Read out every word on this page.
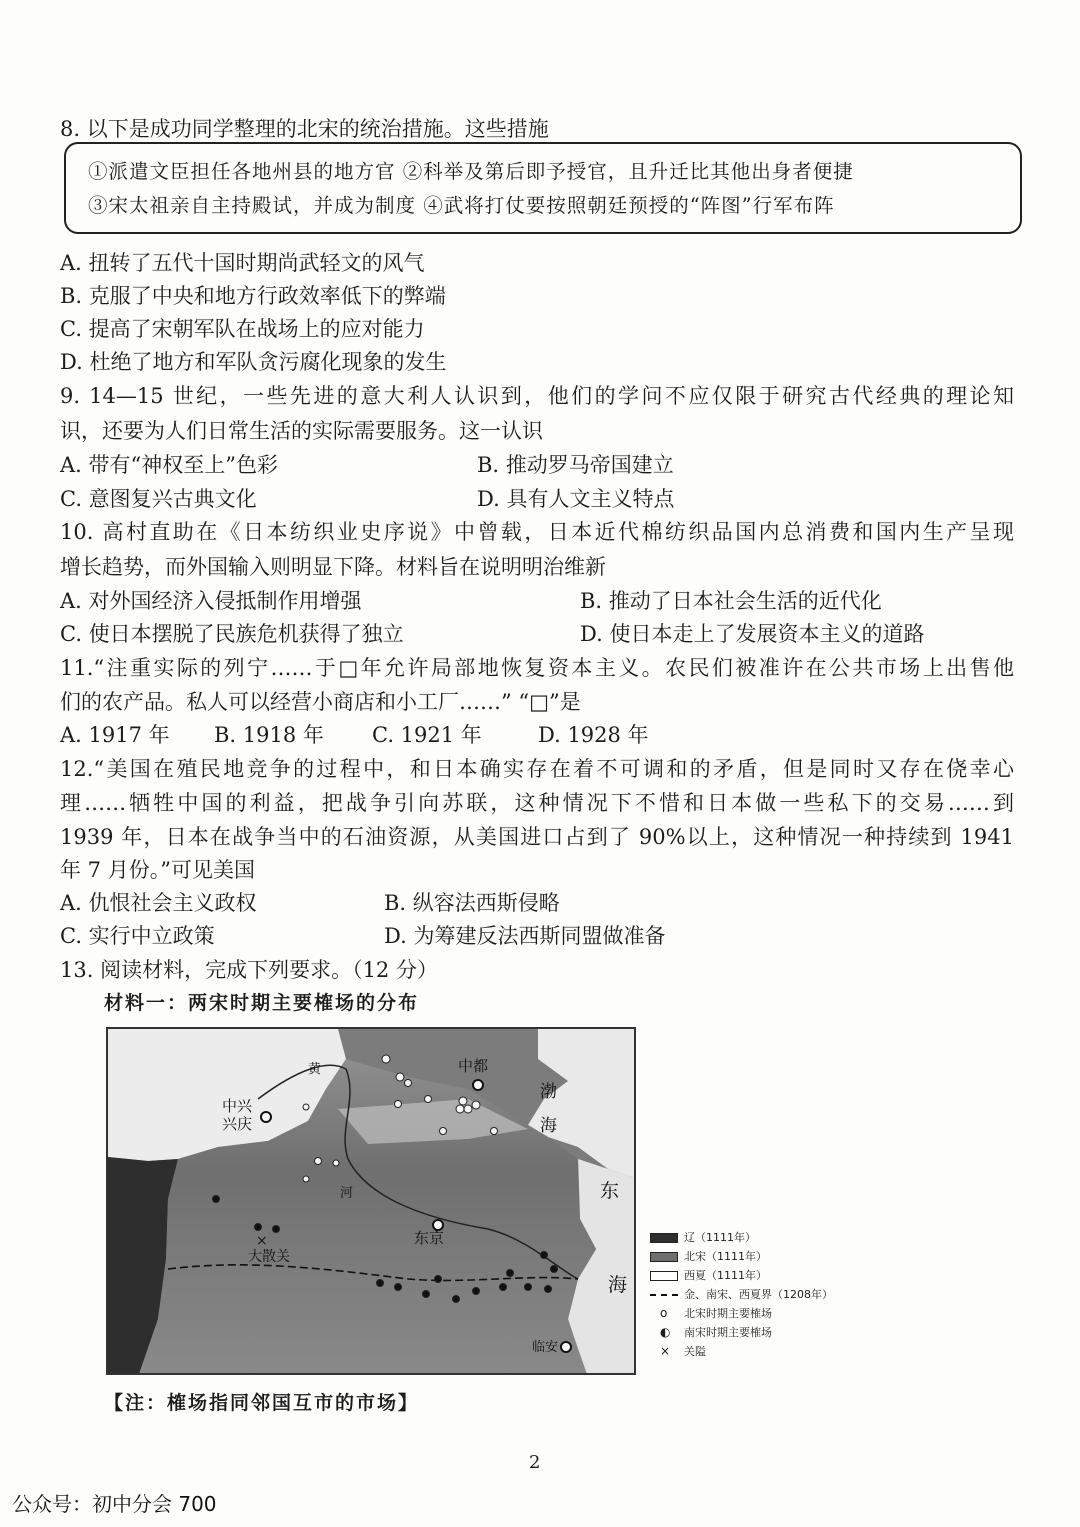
8. 以下是成功同学整理的北宋的统治措施。这些措施
①派遣文臣担任各地州县的地方官 ②科举及第后即予授官，且升迁比其他出身者便捷
③宋太祖亲自主持殿试，并成为制度 ④武将打仗要按照朝廷预授的“阵图”行军布阵
A. 扭转了五代十国时期尚武轻文的风气
B. 克服了中央和地方行政效率低下的弊端
C. 提高了宋朝军队在战场上的应对能力
D. 杜绝了地方和军队贪污腐化现象的发生
9. 14—15 世纪，一些先进的意大利人认识到，他们的学问不应仅限于研究古代经典的理论知
识，还要为人们日常生活的实际需要服务。这一认识
A. 带有“神权至上”色彩	B. 推动罗马帝国建立
C. 意图复兴古典文化	D. 具有人文主义特点
10. 高村直助在《日本纺织业史序说》中曾载，日本近代棉纺织品国内总消费和国内生产呈现
增长趋势，而外国输入则明显下降。材料旨在说明明治维新
A. 对外国经济入侵抵制作用增强	B. 推动了日本社会生活的近代化
C. 使日本摆脱了民族危机获得了独立	D. 使日本走上了发展资本主义的道路
11.“注重实际的列宁……于□年允许局部地恢复资本主义。农民们被准许在公共市场上出售他
们的农产品。私人可以经营小商店和小工厂……” “□”是
A. 1917 年 B. 1918 年 C. 1921 年	D. 1928 年
12.“美国在殖民地竞争的过程中，和日本确实存在着不可调和的矛盾，但是同时又存在侥幸心
理……牺牲中国的利益，把战争引向苏联，这种情况下不惜和日本做一些私下的交易……到
1939 年，日本在战争当中的石油资源，从美国进口占到了 90%以上，这种情况一种持续到 1941
年 7 月份。”可见美国
A. 仇恨社会主义政权	B. 纵容法西斯侵略
C. 实行中立政策	D. 为筹建反法西斯同盟做准备
13. 阅读材料，完成下列要求。（12 分）
材料一：两宋时期主要榷场的分布
×
中都
中兴
兴庆
渤
海
东
海
东京
大散关
临安
黄
河
辽（1111年）
北宋（1111年）
西夏（1111年）
金、南宋、西夏界（1208年）
o 北宋时期主要榷场
◐ 南宋时期主要榷场
× 关隘
【注：榷场指同邻国互市的市场】
2
公众号：初中分会 700
